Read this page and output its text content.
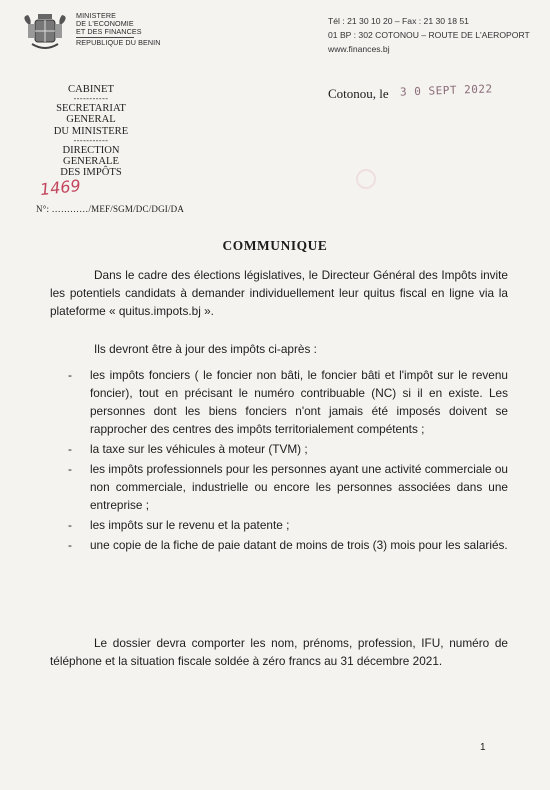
MINISTERE
DE L'ECONOMIE
ET DES FINANCES
REPUBLIQUE DU BENIN
Tél : 21 30 10 20 – Fax : 21 30 18 51
01 BP : 302 COTONOU – ROUTE DE L'AEROPORT
www.finances.bj
CABINET
-----------
SECRETARIAT GENERAL
DU MINISTERE
-----------
DIRECTION GENERALE
DES IMPÔTS
Cotonou, le 3 0 SEPT 2022
1469
N°: …………/MEF/SGM/DC/DGI/DA
COMMUNIQUE

Dans le cadre des élections législatives, le Directeur Général des Impôts invite les potentiels candidats à demander individuellement leur quitus fiscal en ligne via la plateforme « quitus.impots.bj ».

Ils devront être à jour des impôts ci-après :

- les impôts fonciers ( le foncier non bâti, le foncier bâti et l'impôt sur le revenu foncier), tout en précisant le numéro contribuable (NC) si il en existe. Les personnes dont les biens fonciers n'ont jamais été imposés doivent se rapprocher des centres des impôts territorialement compétents ;
- la taxe sur les véhicules à moteur (TVM) ;
- les impôts professionnels pour les personnes ayant une activité commerciale ou non commerciale, industrielle ou encore les personnes associées dans une entreprise ;
- les impôts sur le revenu et la patente ;
- une copie de la fiche de paie datant de moins de trois (3) mois pour les salariés.

Le dossier devra comporter les nom, prénoms, profession, IFU, numéro de téléphone et la situation fiscale soldée à zéro francs au 31 décembre 2021.

1
